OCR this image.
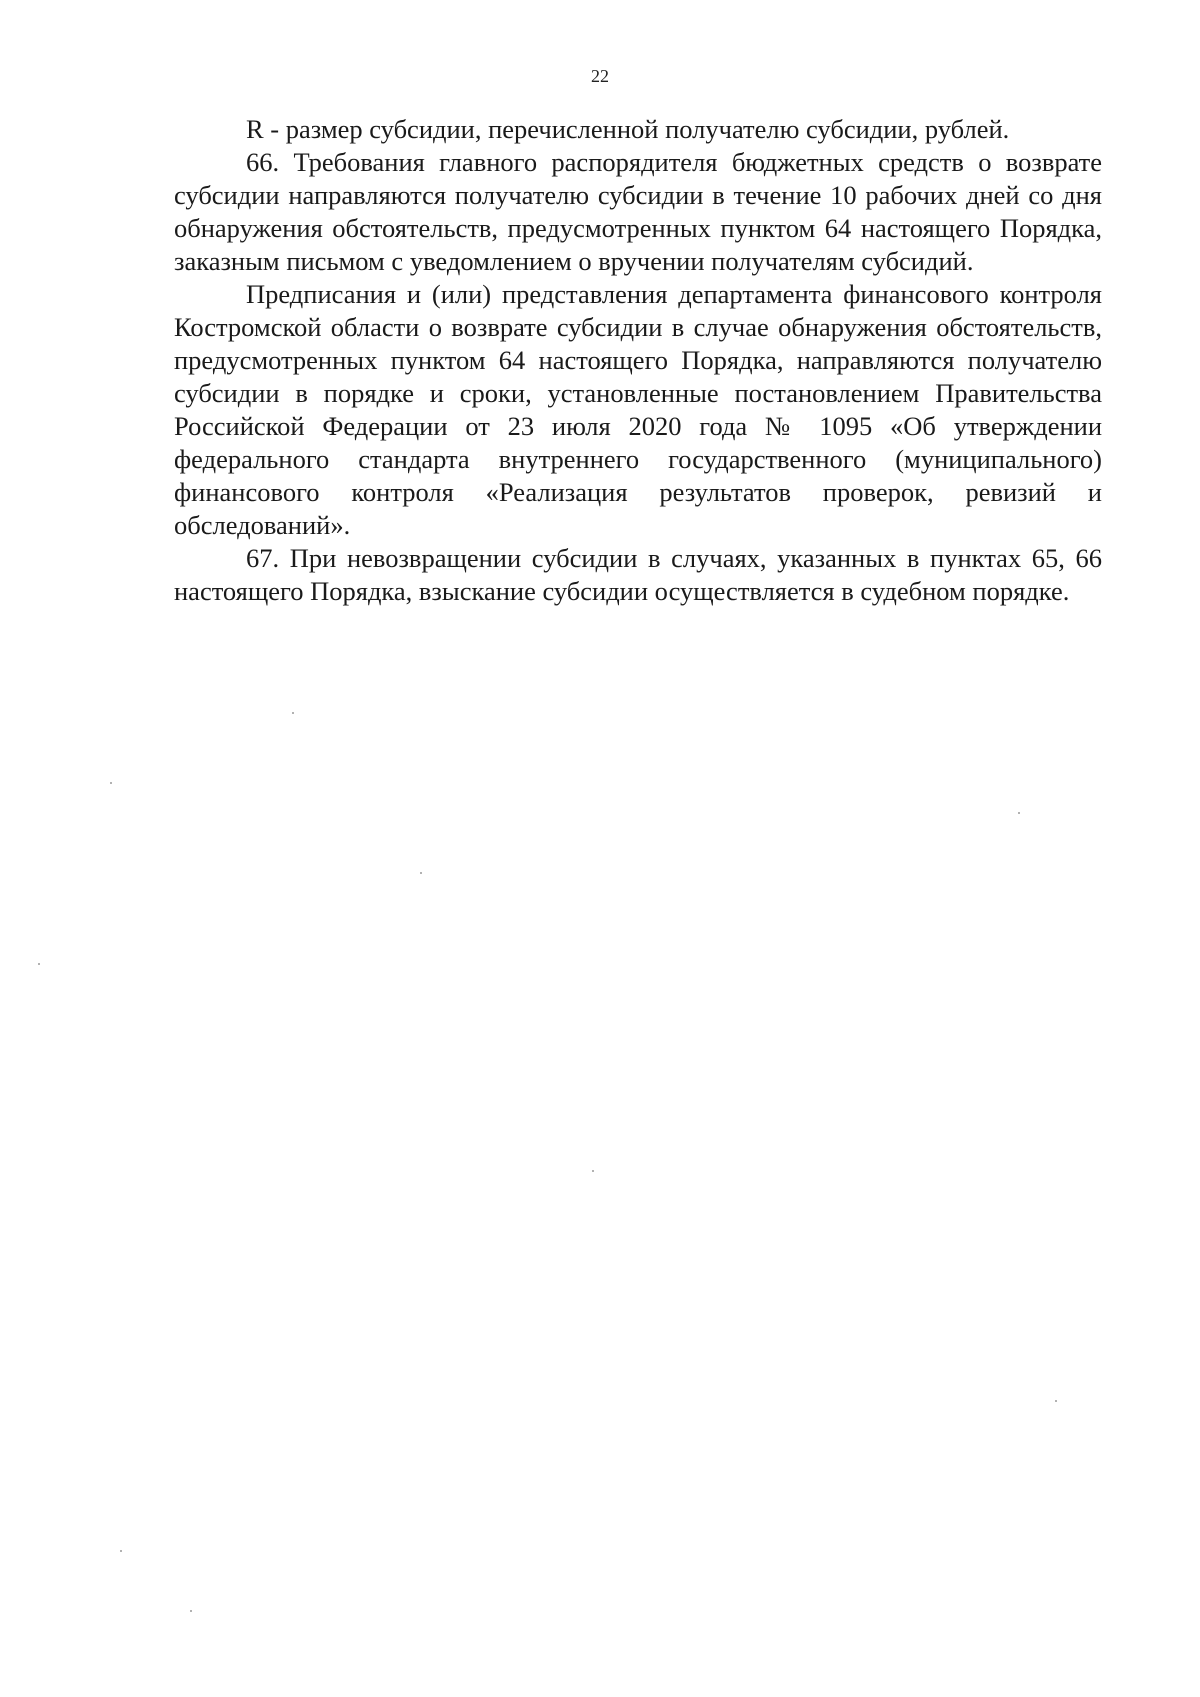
22

R - размер субсидии, перечисленной получателю субсидии, рублей.

66. Требования главного распорядителя бюджетных средств о возврате субсидии направляются получателю субсидии в течение 10 рабочих дней со дня обнаружения обстоятельств, предусмотренных пунктом 64 настоящего Порядка, заказным письмом с уведомлением о вручении получателям субсидий.

Предписания и (или) представления департамента финансового контроля Костромской области о возврате субсидии в случае обнаружения обстоятельств, предусмотренных пунктом 64 настоящего Порядка, направляются получателю субсидии в порядке и сроки, установленные постановлением Правительства Российской Федерации от 23 июля 2020 года № 1095 «Об утверждении федерального стандарта внутреннего государственного (муниципального) финансового контроля «Реализация результатов проверок, ревизий и обследований».

67. При невозвращении субсидии в случаях, указанных в пунктах 65, 66 настоящего Порядка, взыскание субсидии осуществляется в судебном порядке.
